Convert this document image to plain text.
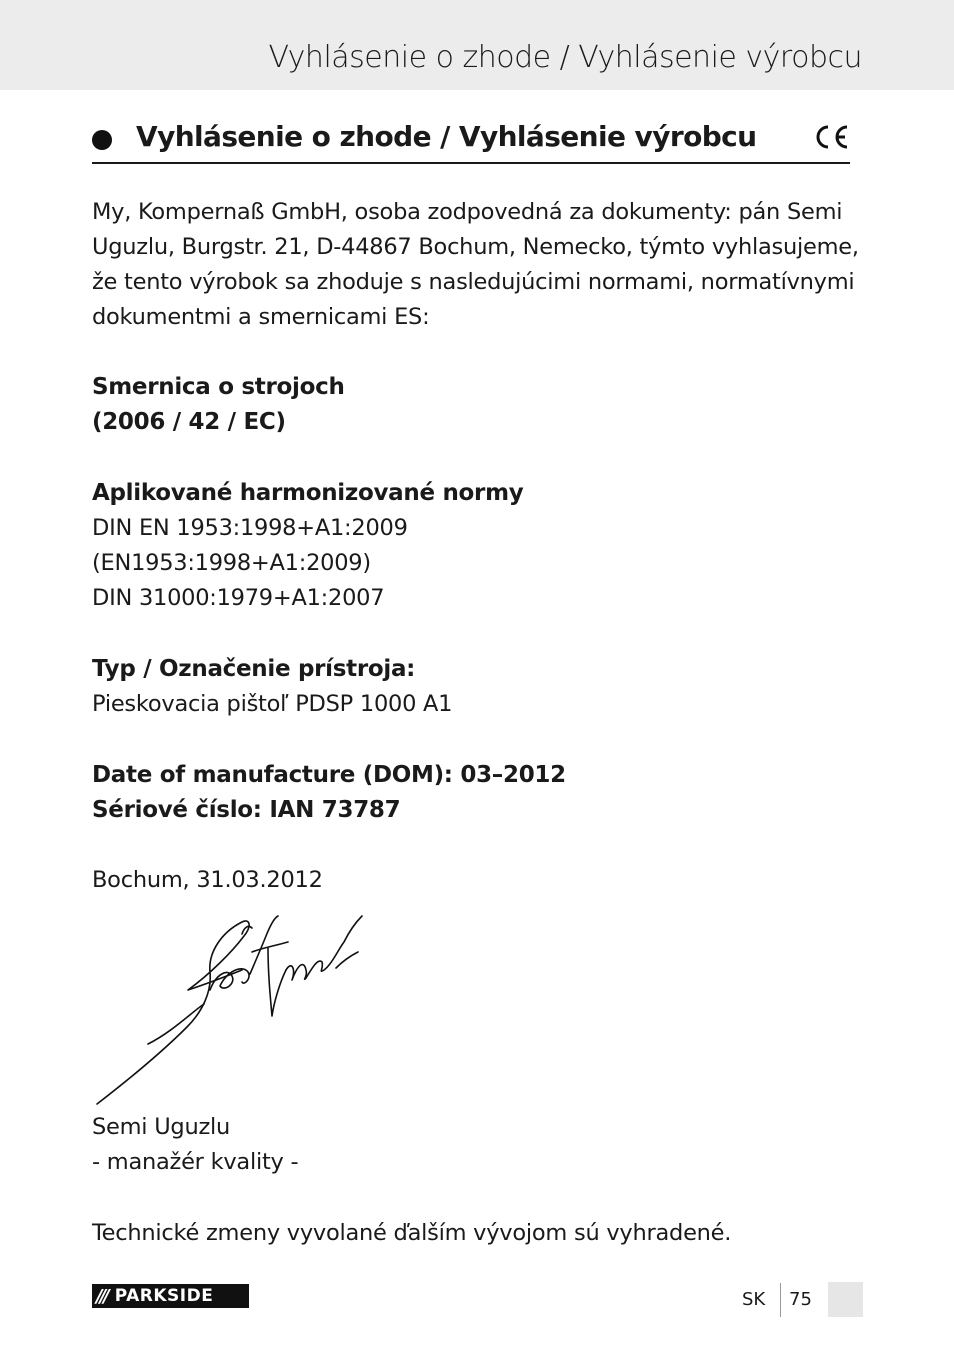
Vyhlásenie o zhode / Vyhlásenie výrobcu
Vyhlásenie o zhode / Vyhlásenie výrobcu
My, Kompernaß GmbH, osoba zodpovedná za dokumenty: pán Semi
Uguzlu, Burgstr. 21, D-44867 Bochum, Nemecko, týmto vyhlasujeme,
že tento výrobok sa zhoduje s nasledujúcimi normami, normatívnymi
dokumentmi a smernicami ES:
Smernica o strojoch
(2006 / 42 / EC)
Aplikované harmonizované normy
DIN EN 1953:1998+A1:2009
(EN1953:1998+A1:2009)
DIN 31000:1979+A1:2007
Typ / Označenie prístroja:
Pieskovacia pištoľ PDSP 1000 A1
Date of manufacture (DOM): 03–2012
Sériové číslo: IAN 73787
Bochum, 31.03.2012
Semi Uguzlu
- manažér kvality -
Technické zmeny vyvolané ďalším vývojom sú vyhradené.
/// PARKSIDE	SK 75
